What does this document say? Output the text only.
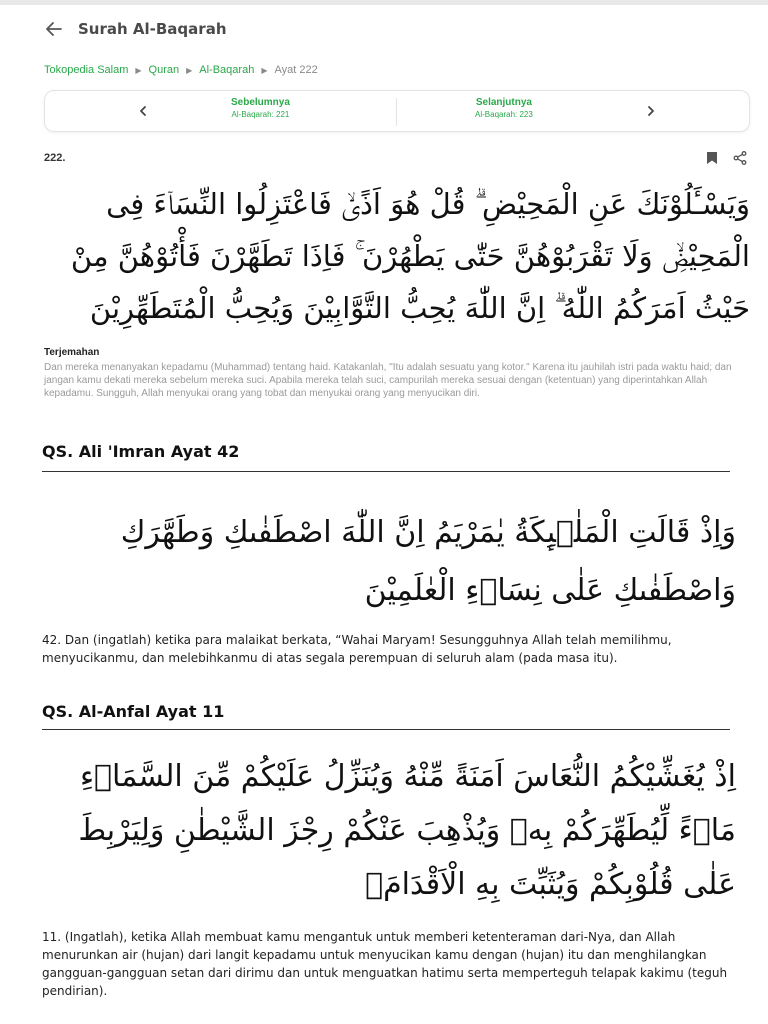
Surah Al-Baqarah
Tokopedia Salam ▶ Quran ▶ Al-Baqarah ▶ Ayat 222
Sebelumnya
Al-Baqarah: 221
Selanjutnya
Al-Baqarah: 223
222.
وَيَسْـَٔلُوْنَكَ عَنِ الْمَحِيْضِ ۗ قُلْ هُوَ اَذًىۙ فَاعْتَزِلُوا النِّسَاۤءَ فِى الْمَحِيْضِۙ وَلَا تَقْرَبُوْهُنَّ حَتّٰى يَطْهُرْنَ ۚ فَاِذَا تَطَهَّرْنَ فَأْتُوْهُنَّ مِنْ حَيْثُ اَمَرَكُمُ اللّٰهُ ۗ اِنَّ اللّٰهَ يُحِبُّ التَّوَّابِيْنَ وَيُحِبُّ الْمُتَطَهِّرِيْنَ
Terjemahan
Dan mereka menanyakan kepadamu (Muhammad) tentang haid. Katakanlah, "Itu adalah sesuatu yang kotor." Karena itu jauhilah istri pada waktu haid; dan jangan kamu dekati mereka sebelum mereka suci. Apabila mereka telah suci, campurilah mereka sesuai dengan (ketentuan) yang diperintahkan Allah kepadamu. Sungguh, Allah menyukai orang yang tobat dan menyukai orang yang menyucikan diri.
QS. Ali 'Imran Ayat 42
وَاِذْ قَالَتِ الْمَلٰۤىِٕكَةُ يٰمَرْيَمُ اِنَّ اللّٰهَ اصْطَفٰىكِ وَطَهَّرَكِ وَاصْطَفٰىكِ عَلٰى نِسَاۤءِ الْعٰلَمِيْنَ
42. Dan (ingatlah) ketika para malaikat berkata, “Wahai Maryam! Sesungguhnya Allah telah memilihmu, menyucikanmu, dan melebihkanmu di atas segala perempuan di seluruh alam (pada masa itu).
QS. Al-Anfal Ayat 11
اِذْ يُغَشِّيْكُمُ النُّعَاسَ اَمَنَةً مِّنْهُ وَيُنَزِّلُ عَلَيْكُمْ مِّنَ السَّمَاۤءِ مَاۤءً لِّيُطَهِّرَكُمْ بِهٖ وَيُذْهِبَ عَنْكُمْ رِجْزَ الشَّيْطٰنِ وَلِيَرْبِطَ عَلٰى قُلُوْبِكُمْ وَيُثَبِّتَ بِهِ الْاَقْدَامَۗ
11. (Ingatlah), ketika Allah membuat kamu mengantuk untuk memberi ketenteraman dari-Nya, dan Allah menurunkan air (hujan) dari langit kepadamu untuk menyucikan kamu dengan (hujan) itu dan menghilangkan gangguan-gangguan setan dari dirimu dan untuk menguatkan hatimu serta memperteguh telapak kakimu (teguh pendirian).
